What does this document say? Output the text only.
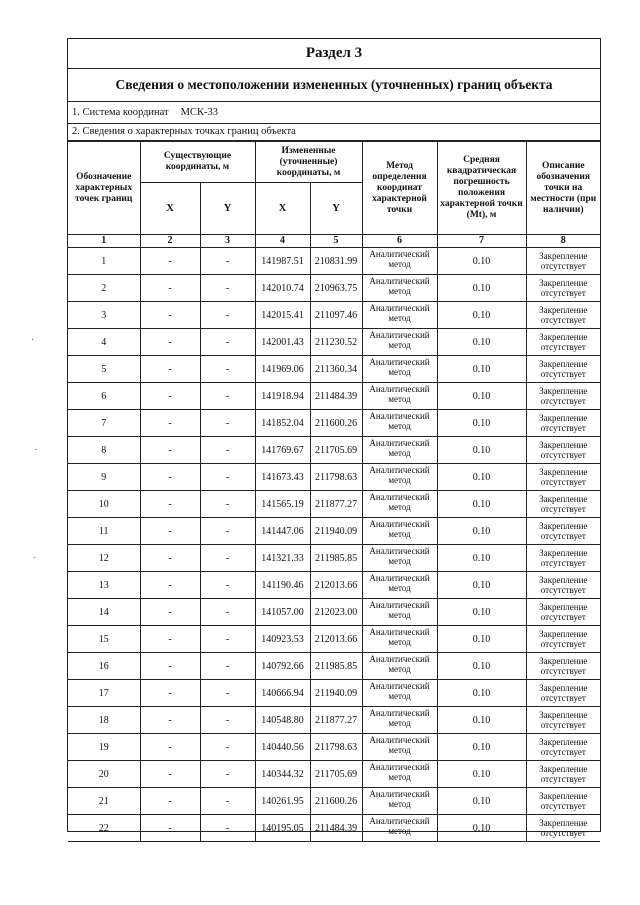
Раздел 3
Сведения о местоположении измененных (уточненных) границ объекта
1. Система координат МСК-33
2. Сведения о характерных точках границ объекта
Обозначение характерных точек границ	Существующие координаты, м		Измененные (уточненные) координаты, м		Метод определения координат характерной точки	Средняя квадратическая погрешность положения характерной точки (Mt), м	Описание обозначения точки на местности (при наличии)
	X	Y	X	Y			
1	2	3	4	5	6	7	8
1	-	-	141987.51	210831.99	Аналитический метод	0.10	Закрепление отсутствует
2	-	-	142010.74	210963.75	Аналитический метод	0.10	Закрепление отсутствует
3	-	-	142015.41	211097.46	Аналитический метод	0.10	Закрепление отсутствует
4	-	-	142001.43	211230.52	Аналитический метод	0.10	Закрепление отсутствует
5	-	-	141969.06	211360.34	Аналитический метод	0.10	Закрепление отсутствует
6	-	-	141918.94	211484.39	Аналитический метод	0.10	Закрепление отсутствует
7	-	-	141852.04	211600.26	Аналитический метод	0.10	Закрепление отсутствует
8	-	-	141769.67	211705.69	Аналитический метод	0.10	Закрепление отсутствует
9	-	-	141673.43	211798.63	Аналитический метод	0.10	Закрепление отсутствует
10	-	-	141565.19	211877.27	Аналитический метод	0.10	Закрепление отсутствует
11	-	-	141447.06	211940.09	Аналитический метод	0.10	Закрепление отсутствует
12	-	-	141321.33	211985.85	Аналитический метод	0.10	Закрепление отсутствует
13	-	-	141190.46	212013.66	Аналитический метод	0.10	Закрепление отсутствует
14	-	-	141057.00	212023.00	Аналитический метод	0.10	Закрепление отсутствует
15	-	-	140923.53	212013.66	Аналитический метод	0.10	Закрепление отсутствует
16	-	-	140792.66	211985.85	Аналитический метод	0.10	Закрепление отсутствует
17	-	-	140666.94	211940.09	Аналитический метод	0.10	Закрепление отсутствует
18	-	-	140548.80	211877.27	Аналитический метод	0.10	Закрепление отсутствует
19	-	-	140440.56	211798.63	Аналитический метод	0.10	Закрепление отсутствует
20	-	-	140344.32	211705.69	Аналитический метод	0.10	Закрепление отсутствует
21	-	-	140261.95	211600.26	Аналитический метод	0.10	Закрепление отсутствует
22	-	-	140195.05	211484.39	Аналитический метод	0.10	Закрепление отсутствует
·
·
·
